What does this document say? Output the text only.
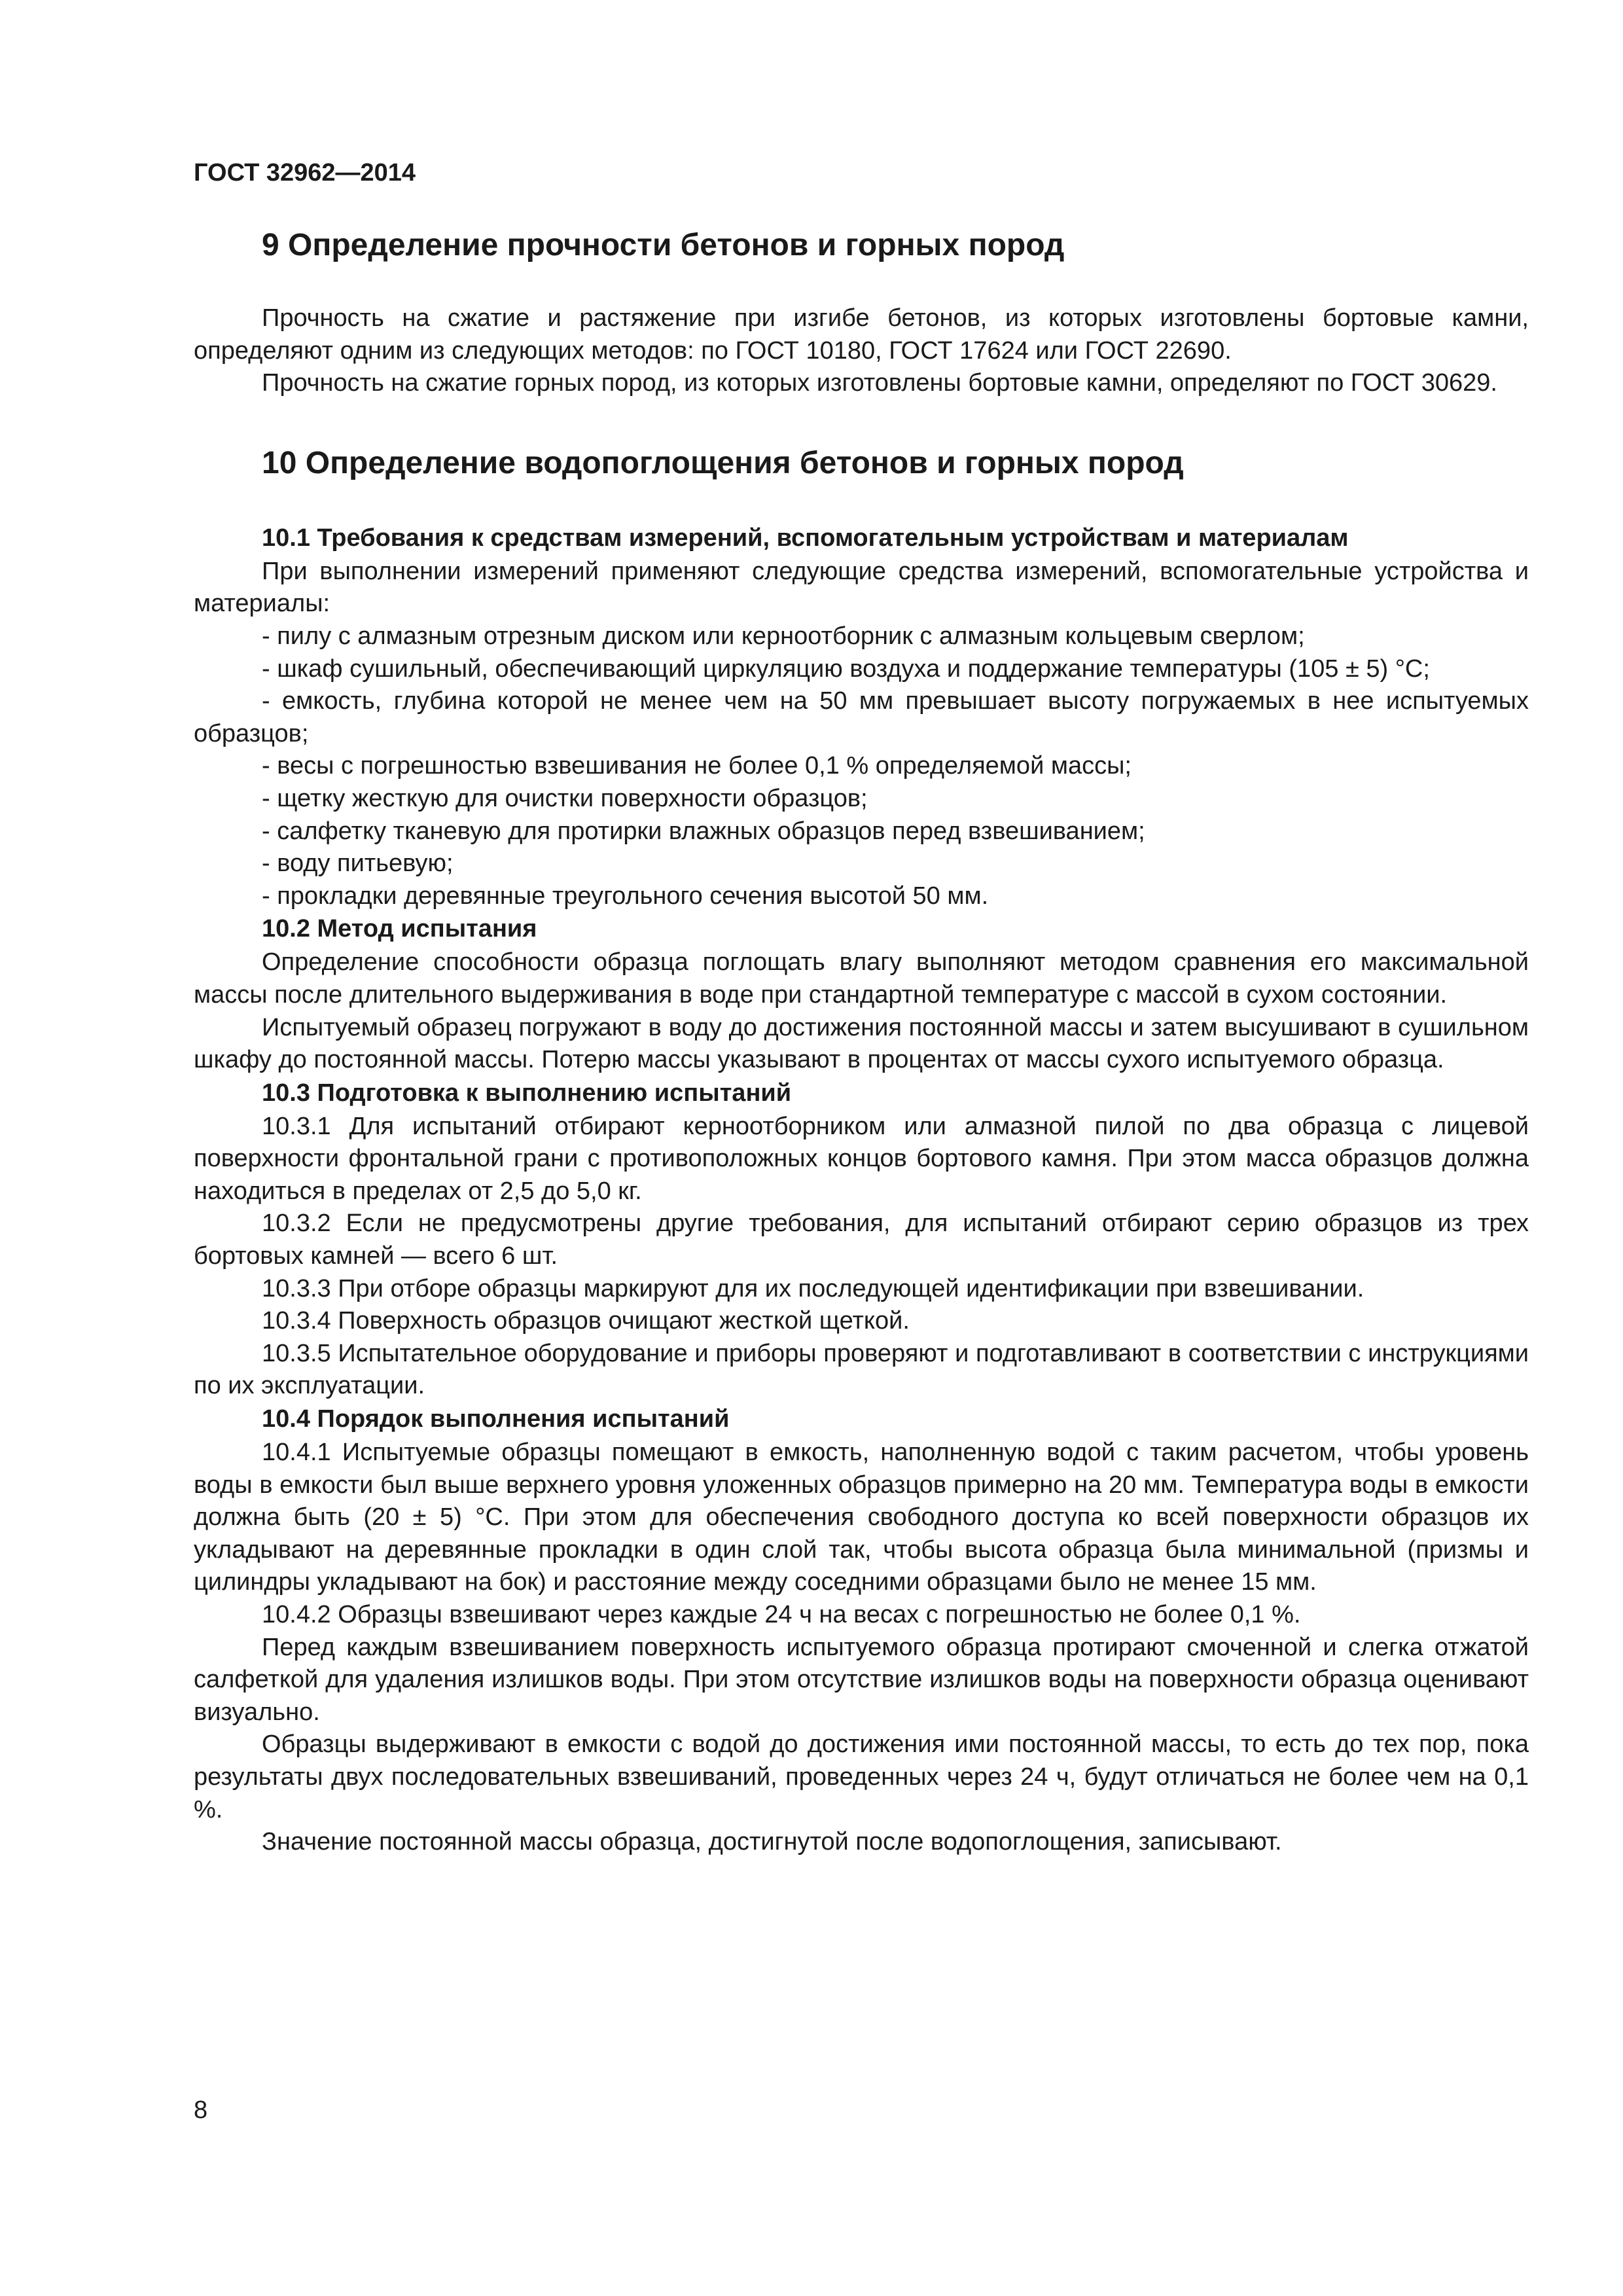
ГОСТ 32962—2014
9 Определение прочности бетонов и горных пород

Прочность на сжатие и растяжение при изгибе бетонов, из которых изготовлены бортовые камни, определяют одним из следующих методов: по ГОСТ 10180, ГОСТ 17624 или ГОСТ 22690.

Прочность на сжатие горных пород, из которых изготовлены бортовые камни, определяют по ГОСТ 30629.

10 Определение водопоглощения бетонов и горных пород
10.1 Требования к средствам измерений, вспомогательным устройствам и материалам

При выполнении измерений применяют следующие средства измерений, вспомогательные устройства и материалы:

- пилу с алмазным отрезным диском или керноотборник с алмазным кольцевым сверлом;

- шкаф сушильный, обеспечивающий циркуляцию воздуха и поддержание температуры (105 ± 5) °C;

- емкость, глубина которой не менее чем на 50 мм превышает высоту погружаемых в нее испытуемых образцов;

- весы с погрешностью взвешивания не более 0,1 % определяемой массы;

- щетку жесткую для очистки поверхности образцов;

- салфетку тканевую для протирки влажных образцов перед взвешиванием;

- воду питьевую;

- прокладки деревянные треугольного сечения высотой 50 мм.

10.2 Метод испытания

Определение способности образца поглощать влагу выполняют методом сравнения его максимальной массы после длительного выдерживания в воде при стандартной температуре с массой в сухом состоянии.

Испытуемый образец погружают в воду до достижения постоянной массы и затем высушивают в сушильном шкафу до постоянной массы. Потерю массы указывают в процентах от массы сухого испытуемого образца.

10.3 Подготовка к выполнению испытаний

10.3.1 Для испытаний отбирают керноотборником или алмазной пилой по два образца с лицевой поверхности фронтальной грани с противоположных концов бортового камня. При этом масса образцов должна находиться в пределах от 2,5 до 5,0 кг.

10.3.2 Если не предусмотрены другие требования, для испытаний отбирают серию образцов из трех бортовых камней — всего 6 шт.

10.3.3 При отборе образцы маркируют для их последующей идентификации при взвешивании.

10.3.4 Поверхность образцов очищают жесткой щеткой.

10.3.5 Испытательное оборудование и приборы проверяют и подготавливают в соответствии с инструкциями по их эксплуатации.

10.4 Порядок выполнения испытаний

10.4.1 Испытуемые образцы помещают в емкость, наполненную водой с таким расчетом, чтобы уровень воды в емкости был выше верхнего уровня уложенных образцов примерно на 20 мм. Температура воды в емкости должна быть (20 ± 5) °C. При этом для обеспечения свободного доступа ко всей поверхности образцов их укладывают на деревянные прокладки в один слой так, чтобы высота образца была минимальной (призмы и цилиндры укладывают на бок) и расстояние между соседними образцами было не менее 15 мм.

10.4.2 Образцы взвешивают через каждые 24 ч на весах с погрешностью не более 0,1 %.

Перед каждым взвешиванием поверхность испытуемого образца протирают смоченной и слегка отжатой салфеткой для удаления излишков воды. При этом отсутствие излишков воды на поверхности образца оценивают визуально.

Образцы выдерживают в емкости с водой до достижения ими постоянной массы, то есть до тех пор, пока результаты двух последовательных взвешиваний, проведенных через 24 ч, будут отличаться не более чем на 0,1 %.

Значение постоянной массы образца, достигнутой после водопоглощения, записывают.

8
